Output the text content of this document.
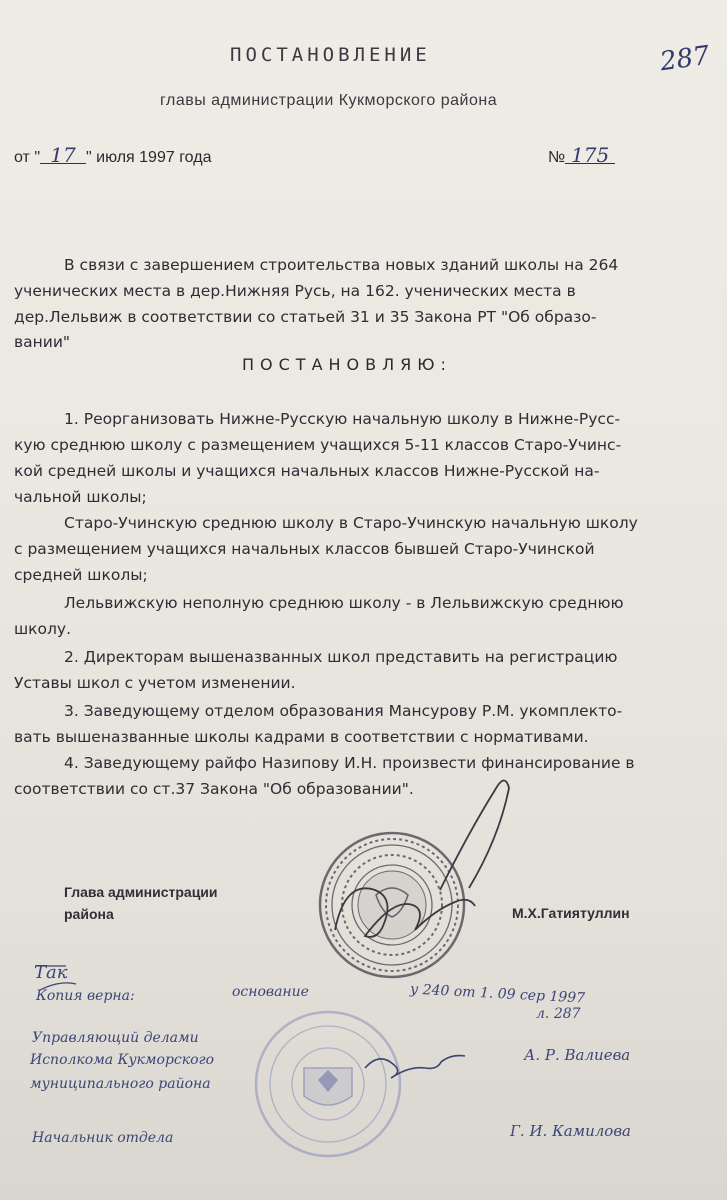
ПОСТАНОВЛЕНИЕ
главы администрации Кукморского района
от " 17 " июля 1997 года	№ 175
287
В связи с завершением строительства новых зданий школы на 264
ученических места в дер.Нижняя Русь, на 162. ученических места в
дер.Лельвиж в соответствии со статьей 31 и 35 Закона РТ "Об образо-
вании"
ПОСТАНОВЛЯЮ:
1. Реорганизовать Нижне-Русскую начальную школу в Нижне-Русс-
кую среднюю школу с размещением учащихся 5-11 классов Старо-Учинс-
кой средней школы и учащихся начальных классов Нижне-Русской на-
чальной школы;
Старо-Учинскую среднюю школу в Старо-Учинскую начальную школу
с размещением учащихся начальных классов бывшей Старо-Учинской
средней школы;
Лельвижскую неполную среднюю школу - в Лельвижскую среднюю
школу.
2. Директорам вышеназванных школ представить на регистрацию
Уставы школ с учетом изменении.
3. Заведующему отделом образования Мансурову Р.М. укомплекто-
вать вышеназванные школы кадрами в соответствии с нормативами.
4. Заведующему райфо Назипову И.Н. произвести финансирование в
соответствии со ст.37 Закона "Об образовании".
Глава администрации
района	М.Х.Гатиятуллин
Так
Копия верна:	основание	у 240 от 1. 09 сер 1997
л. 287
Управляющий делами
Исполкома Кукморского
муниципального района
А. Р. Валиева
Начальник отдела	Г. И. Камилова
